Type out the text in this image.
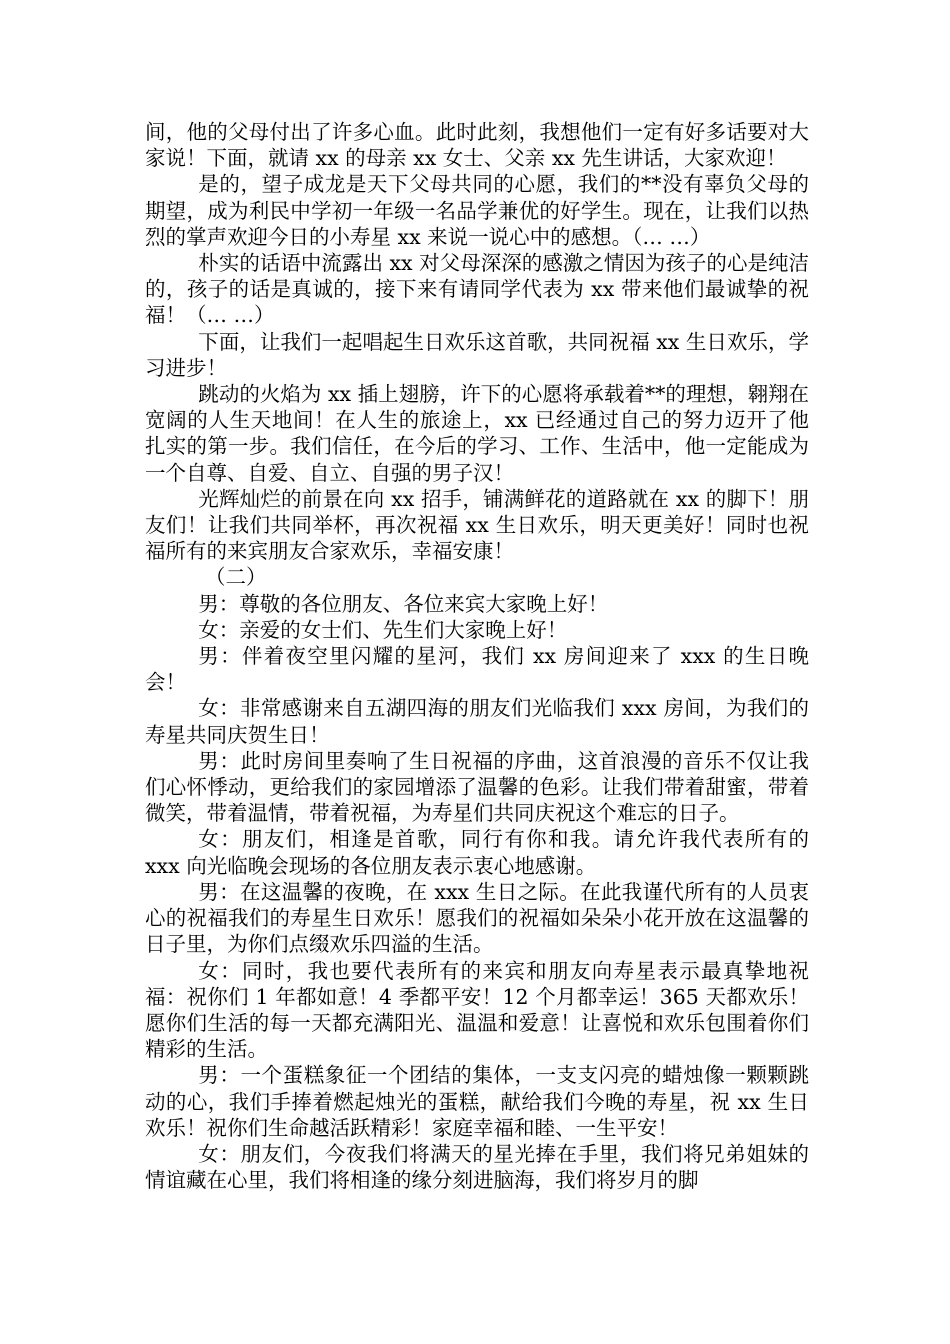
间，他的父母付出了许多心血。此时此刻，我想他们一定有好多话要对大家说！下面，就请 xx 的母亲 xx 女士、父亲 xx 先生讲话，大家欢迎！

是的，望子成龙是天下父母共同的心愿，我们的**没有辜负父母的期望，成为利民中学初一年级一名品学兼优的好学生。现在，让我们以热烈的掌声欢迎今日的小寿星 xx 来说一说心中的感想。（… …）

朴实的话语中流露出 xx 对父母深深的感激之情因为孩子的心是纯洁的，孩子的话是真诚的，接下来有请同学代表为 xx 带来他们最诚挚的祝福！（… …）

下面，让我们一起唱起生日欢乐这首歌，共同祝福 xx 生日欢乐，学习进步！

跳动的火焰为 xx 插上翅膀，许下的心愿将承载着**的理想，翱翔在宽阔的人生天地间！在人生的旅途上，xx 已经通过自己的努力迈开了他扎实的第一步。我们信任，在今后的学习、工作、生活中，他一定能成为一个自尊、自爱、自立、自强的男子汉！

光辉灿烂的前景在向 xx 招手，铺满鲜花的道路就在 xx 的脚下！朋友们！让我们共同举杯，再次祝福 xx 生日欢乐，明天更美好！同时也祝福所有的来宾朋友合家欢乐，幸福安康！

（二）

男：尊敬的各位朋友、各位来宾大家晚上好！

女：亲爱的女士们、先生们大家晚上好！

男：伴着夜空里闪耀的星河，我们 xx 房间迎来了 xxx 的生日晚会！

女：非常感谢来自五湖四海的朋友们光临我们 xxx 房间，为我们的寿星共同庆贺生日！

男：此时房间里奏响了生日祝福的序曲，这首浪漫的音乐不仅让我们心怀悸动，更给我们的家园增添了温馨的色彩。让我们带着甜蜜，带着微笑，带着温情，带着祝福，为寿星们共同庆祝这个难忘的日子。

女：朋友们，相逢是首歌，同行有你和我。请允许我代表所有的 xxx 向光临晚会现场的各位朋友表示衷心地感谢。

男：在这温馨的夜晚，在 xxx 生日之际。在此我谨代所有的人员衷心的祝福我们的寿星生日欢乐！愿我们的祝福如朵朵小花开放在这温馨的日子里，为你们点缀欢乐四溢的生活。

女：同时，我也要代表所有的来宾和朋友向寿星表示最真挚地祝福：祝你们 1 年都如意！4 季都平安！12 个月都幸运！365 天都欢乐！愿你们生活的每一天都充满阳光、温温和爱意！让喜悦和欢乐包围着你们精彩的生活。

男：一个蛋糕象征一个团结的集体，一支支闪亮的蜡烛像一颗颗跳动的心，我们手捧着燃起烛光的蛋糕，献给我们今晚的寿星，祝 xx 生日欢乐！祝你们生命越活跃精彩！家庭幸福和睦、一生平安！

女：朋友们，今夜我们将满天的星光捧在手里，我们将兄弟姐妹的情谊藏在心里，我们将相逢的缘分刻进脑海，我们将岁月的脚
